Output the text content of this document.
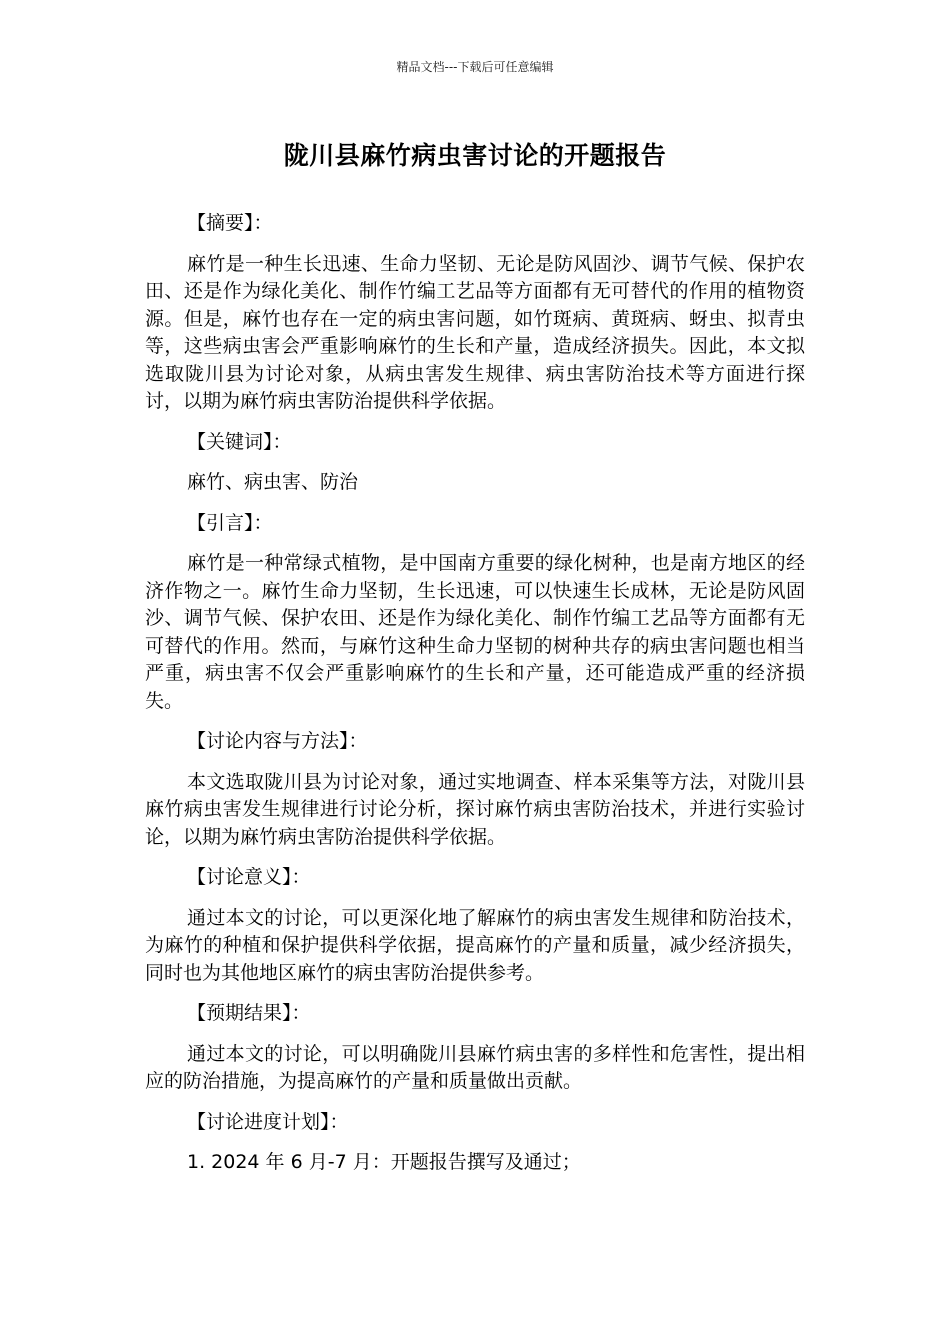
精品文档---下载后可任意编辑
陇川县麻竹病虫害讨论的开题报告

【摘要】：

麻竹是一种生长迅速、生命力坚韧、无论是防风固沙、调节气候、保护农田、还是作为绿化美化、制作竹编工艺品等方面都有无可替代的作用的植物资源。但是，麻竹也存在一定的病虫害问题，如竹斑病、黄斑病、蚜虫、拟青虫等，这些病虫害会严重影响麻竹的生长和产量，造成经济损失。因此，本文拟选取陇川县为讨论对象，从病虫害发生规律、病虫害防治技术等方面进行探讨，以期为麻竹病虫害防治提供科学依据。

【关键词】：

麻竹、病虫害、防治

【引言】：

麻竹是一种常绿式植物，是中国南方重要的绿化树种，也是南方地区的经济作物之一。麻竹生命力坚韧，生长迅速，可以快速生长成林，无论是防风固沙、调节气候、保护农田、还是作为绿化美化、制作竹编工艺品等方面都有无可替代的作用。然而，与麻竹这种生命力坚韧的树种共存的病虫害问题也相当严重，病虫害不仅会严重影响麻竹的生长和产量，还可能造成严重的经济损失。

【讨论内容与方法】：

本文选取陇川县为讨论对象，通过实地调查、样本采集等方法，对陇川县麻竹病虫害发生规律进行讨论分析，探讨麻竹病虫害防治技术，并进行实验讨论，以期为麻竹病虫害防治提供科学依据。

【讨论意义】：

通过本文的讨论，可以更深化地了解麻竹的病虫害发生规律和防治技术，为麻竹的种植和保护提供科学依据，提高麻竹的产量和质量，减少经济损失，同时也为其他地区麻竹的病虫害防治提供参考。

【预期结果】：

通过本文的讨论，可以明确陇川县麻竹病虫害的多样性和危害性，提出相应的防治措施，为提高麻竹的产量和质量做出贡献。

【讨论进度计划】：

1. 2024 年 6 月-7 月：开题报告撰写及通过；
